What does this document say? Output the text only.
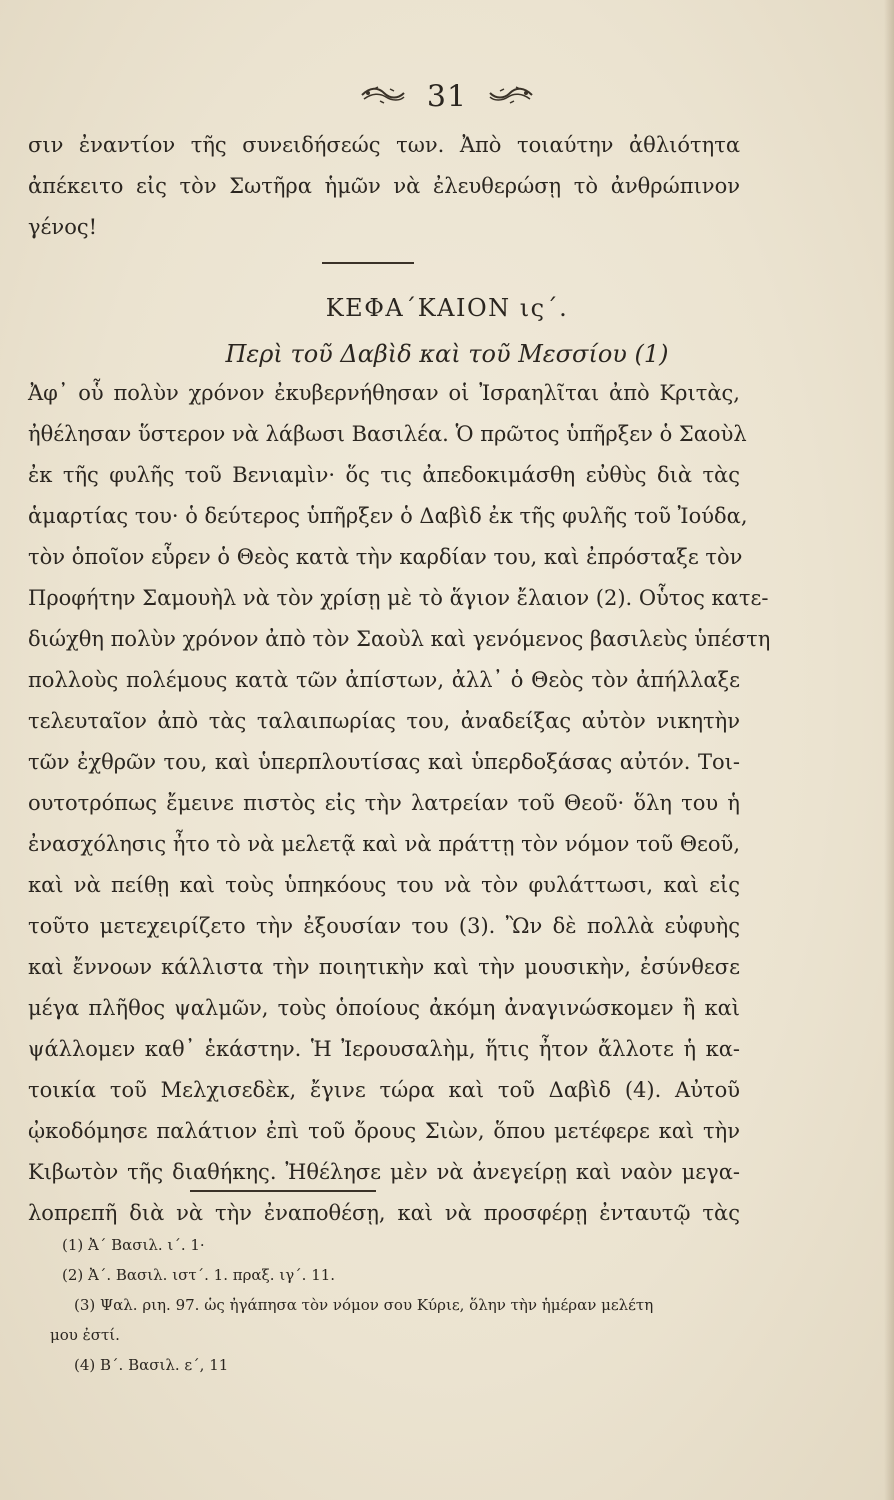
31
σιν ἐναντίον τῆς συνειδήσεώς των. Ἀπὸ τοιαύτην ἀθλιότητα
ἀπέκειτο εἰς τὸν Σωτῆρα ἡμῶν νὰ ἐλευθερώσῃ τὸ ἀνθρώπινον
γένος!
ΚΕΦΑ΄ΚΑΙΟΝ ις΄.
Περὶ τοῦ Δαβὶδ καὶ τοῦ Μεσσίου (1)
Ἀφ᾽ οὗ πολὺν χρόνον ἐκυβερνήθησαν οἱ Ἰσραηλῖται ἀπὸ Κριτὰς,
ἠθέλησαν ὕστερον νὰ λάβωσι Βασιλέα. Ὁ πρῶτος ὑπῆρξεν ὁ Σαοὺλ
ἐκ τῆς φυλῆς τοῦ Βενιαμὶν· ὅς τις ἀπεδοκιμάσθη εὐθὺς διὰ τὰς
ἁμαρτίας του· ὁ δεύτερος ὑπῆρξεν ὁ Δαβὶδ ἐκ τῆς φυλῆς τοῦ Ἰούδα,
τὸν ὁποῖον εὗρεν ὁ Θεὸς κατὰ τὴν καρδίαν του, καὶ ἐπρόσταξε τὸν
Προφήτην Σαμουὴλ νὰ τὸν χρίσῃ μὲ τὸ ἅγιον ἔλαιον (2). Οὗτος κατε-
διώχθη πολὺν χρόνον ἀπὸ τὸν Σαοὺλ καὶ γενόμενος βασιλεὺς ὑπέστη
πολλοὺς πολέμους κατὰ τῶν ἀπίστων, ἀλλ᾽ ὁ Θεὸς τὸν ἀπήλλαξε
τελευταῖον ἀπὸ τὰς ταλαιπωρίας του, ἀναδείξας αὐτὸν νικητὴν
τῶν ἐχθρῶν του, καὶ ὑπερπλουτίσας καὶ ὑπερδοξάσας αὐτόν. Τοι-
ουτοτρόπως ἔμεινε πιστὸς εἰς τὴν λατρείαν τοῦ Θεοῦ· ὅλη του ἡ
ἐνασχόλησις ἦτο τὸ νὰ μελετᾷ καὶ νὰ πράττῃ τὸν νόμον τοῦ Θεοῦ,
καὶ νὰ πείθῃ καὶ τοὺς ὑπηκόους του νὰ τὸν φυλάττωσι, καὶ εἰς
τοῦτο μετεχειρίζετο τὴν ἐξουσίαν του (3). Ὢν δὲ πολλὰ εὐφυὴς
καὶ ἔννοων κάλλιστα τὴν ποιητικὴν καὶ τὴν μουσικὴν, ἐσύνθεσε
μέγα πλῆθος ψαλμῶν, τοὺς ὁποίους ἀκόμη ἀναγινώσκομεν ἢ καὶ
ψάλλομεν καθ᾽ ἑκάστην. Ἡ Ἰερουσαλὴμ, ἥτις ἦτον ἄλλοτε ἡ κα-
τοικία τοῦ Μελχισεδὲκ, ἔγινε τώρα καὶ τοῦ Δαβὶδ (4). Αὐτοῦ
ᾠκοδόμησε παλάτιον ἐπὶ τοῦ ὄρους Σιὼν, ὅπου μετέφερε καὶ τὴν
Κιβωτὸν τῆς διαθήκης. Ἠθέλησε μὲν νὰ ἀνεγείρῃ καὶ ναὸν μεγα-
λοπρεπῆ διὰ νὰ τὴν ἐναποθέσῃ, καὶ νὰ προσφέρῃ ἐνταυτῷ τὰς
(1) Ἀ΄ Βασιλ. ι΄. 1·
(2) Ἀ΄. Βασιλ. ιστ΄. 1. πραξ. ιγ΄. 11.
(3) Ψαλ. ριη. 97. ὡς ἠγάπησα τὸν νόμον σου Κύριε, ὅλην τὴν ἡμέραν μελέτη
μου ἐστί.
(4) Β΄. Βασιλ. ε΄, 11
